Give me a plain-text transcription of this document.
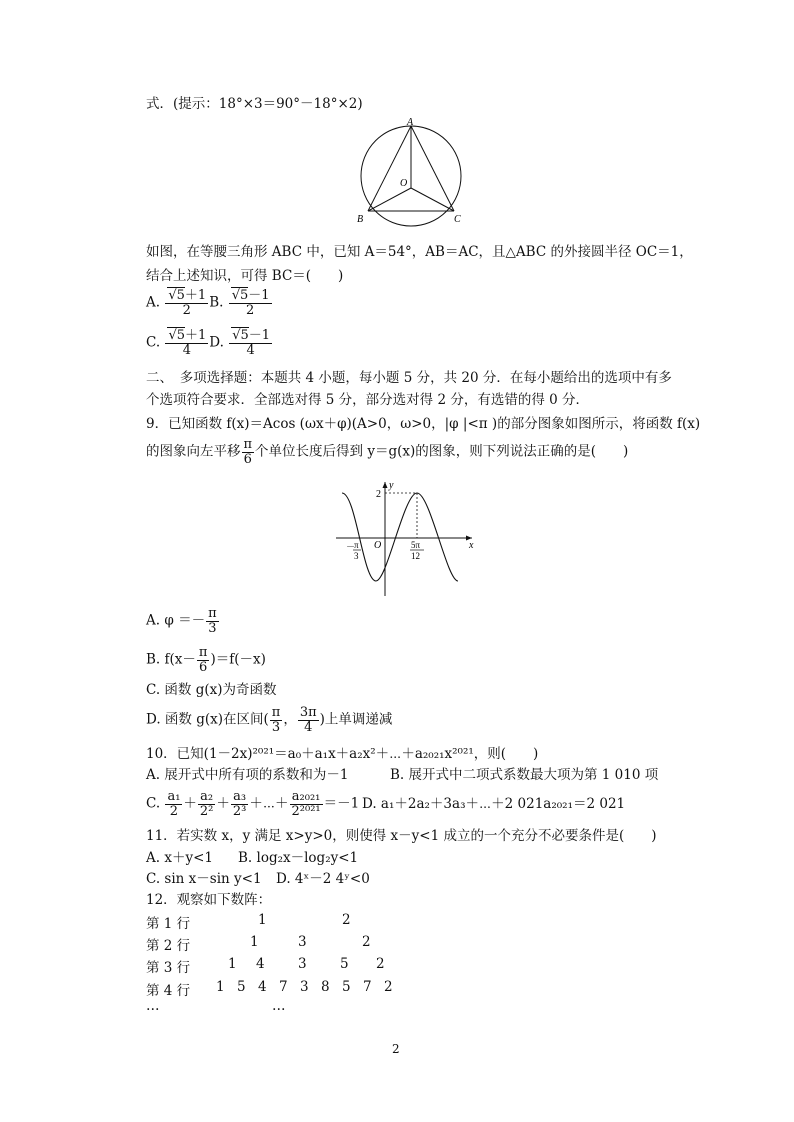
式．(提示：18°×3＝90°－18°×2)
A
O
B	C
如图，在等腰三角形 ABC 中，已知 A＝54°，AB＝AC，且△ABC 的外接圆半径 OC＝1，
结合上述知识，可得 BC＝(　　)
A. $\frac{√5+1}{2} B$. $\frac{√5-1}{2}$
C. $\frac{√5+1}{4} D$. $\frac{√5-1}{4}$
二、　多项选择题：本题共 4 小题，每小题 5 分，共 20 分．在每小题给出的选项中有多
个选项符合要求．全部选对得 5 分，部分选对得 2 分，有选错的得 0 分．
9．已知函数 f(x)＝Acos (ωx＋φ)(A>0，ω>0，|φ |<π )的部分图象如图所示，将函数 f(x)
的图象向左平移 $\frac{\pi}{6}$ 个单位长度后得到 y＝g(x)的图象，则下列说法正确的是(　　)
y
x
2
O
－
π
3
5π
12
A. $\varphi =- \frac{\pi}{3}$
B. $f(x- \frac{\pi}{6} )=f(-x)$
C. 函数 g(x)为奇函数
D. 函数 g(x)在区间( $\frac{\pi}{3}$ ， $\frac{3\pi}{4}$ )上单调递减
10．已知(1－2x)²⁰²¹＝a₀＋a₁x＋a₂x²＋⋯＋a₂₀₂₁x²⁰²¹，则(　　)
A. 展开式中所有项的系数和为－1	B. 展开式中二项式系数最大项为第 1 010 项
C. $\frac{\text{a₁}}{2} + \frac{\text{a₂}}{\text{2²}} + \frac{\text{a₃}}{\text{2³}}$ ＋⋯＋ $\frac{\text{a₂₀₂₁}}{\text{2²⁰²¹}} =-1$ D. a₁＋2a₂＋3a₃＋⋯＋2 021a₂₀₂₁＝2 021
11．若实数 x，y 满足 x>y>0，则使得 x－y<1 成立的一个充分不必要条件是(　　)
A. x＋y<1 B. log₂x－log₂y<1
C. sin x－sin y<1 D. 4ˣ－2 4ʸ<0
12．观察如下数阵：
第 1 行	1	2
第 2 行	1	3	2
第 3 行	1 4 3 5 2
第 4 行 1 5 4 7 3 8 5 7 2
…	…
2
